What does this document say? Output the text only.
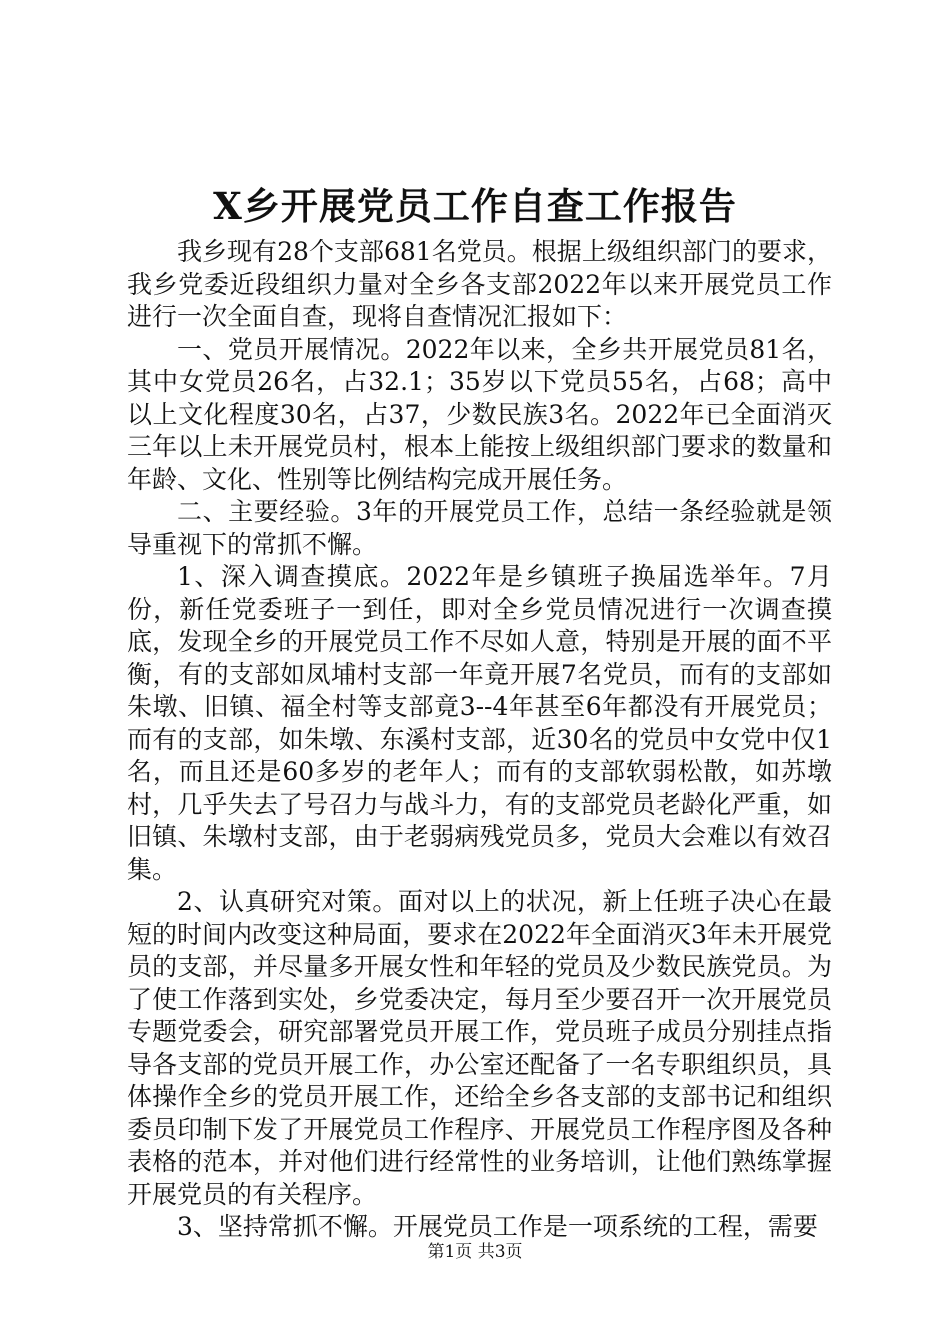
X乡开展党员工作自查工作报告

我乡现有28个支部681名党员。根据上级组织部门的要求，我乡党委近段组织力量对全乡各支部2022年以来开展党员工作进行一次全面自查，现将自查情况汇报如下：

一、党员开展情况。2022年以来，全乡共开展党员81名，其中女党员26名，占32.1；35岁以下党员55名，占68；高中以上文化程度30名，占37，少数民族3名。2022年已全面消灭三年以上未开展党员村，根本上能按上级组织部门要求的数量和年龄、文化、性别等比例结构完成开展任务。

二、主要经验。3年的开展党员工作，总结一条经验就是领导重视下的常抓不懈。

1、深入调查摸底。2022年是乡镇班子换届选举年。7月份，新任党委班子一到任，即对全乡党员情况进行一次调查摸底，发现全乡的开展党员工作不尽如人意，特别是开展的面不平衡，有的支部如凤埔村支部一年竟开展7名党员，而有的支部如朱墩、旧镇、福全村等支部竟3--4年甚至6年都没有开展党员；而有的支部，如朱墩、东溪村支部，近30名的党员中女党中仅1名，而且还是60多岁的老年人；而有的支部软弱松散，如苏墩村，几乎失去了号召力与战斗力，有的支部党员老龄化严重，如旧镇、朱墩村支部，由于老弱病残党员多，党员大会难以有效召集。

2、认真研究对策。面对以上的状况，新上任班子决心在最短的时间内改变这种局面，要求在2022年全面消灭3年未开展党员的支部，并尽量多开展女性和年轻的党员及少数民族党员。为了使工作落到实处，乡党委决定，每月至少要召开一次开展党员专题党委会，研究部署党员开展工作，党员班子成员分别挂点指导各支部的党员开展工作，办公室还配备了一名专职组织员，具体操作全乡的党员开展工作，还给全乡各支部的支部书记和组织委员印制下发了开展党员工作程序、开展党员工作程序图及各种表格的范本，并对他们进行经常性的业务培训，让他们熟练掌握开展党员的有关程序。

3、坚持常抓不懈。开展党员工作是一项系统的工程，需要

第1页 共3页
